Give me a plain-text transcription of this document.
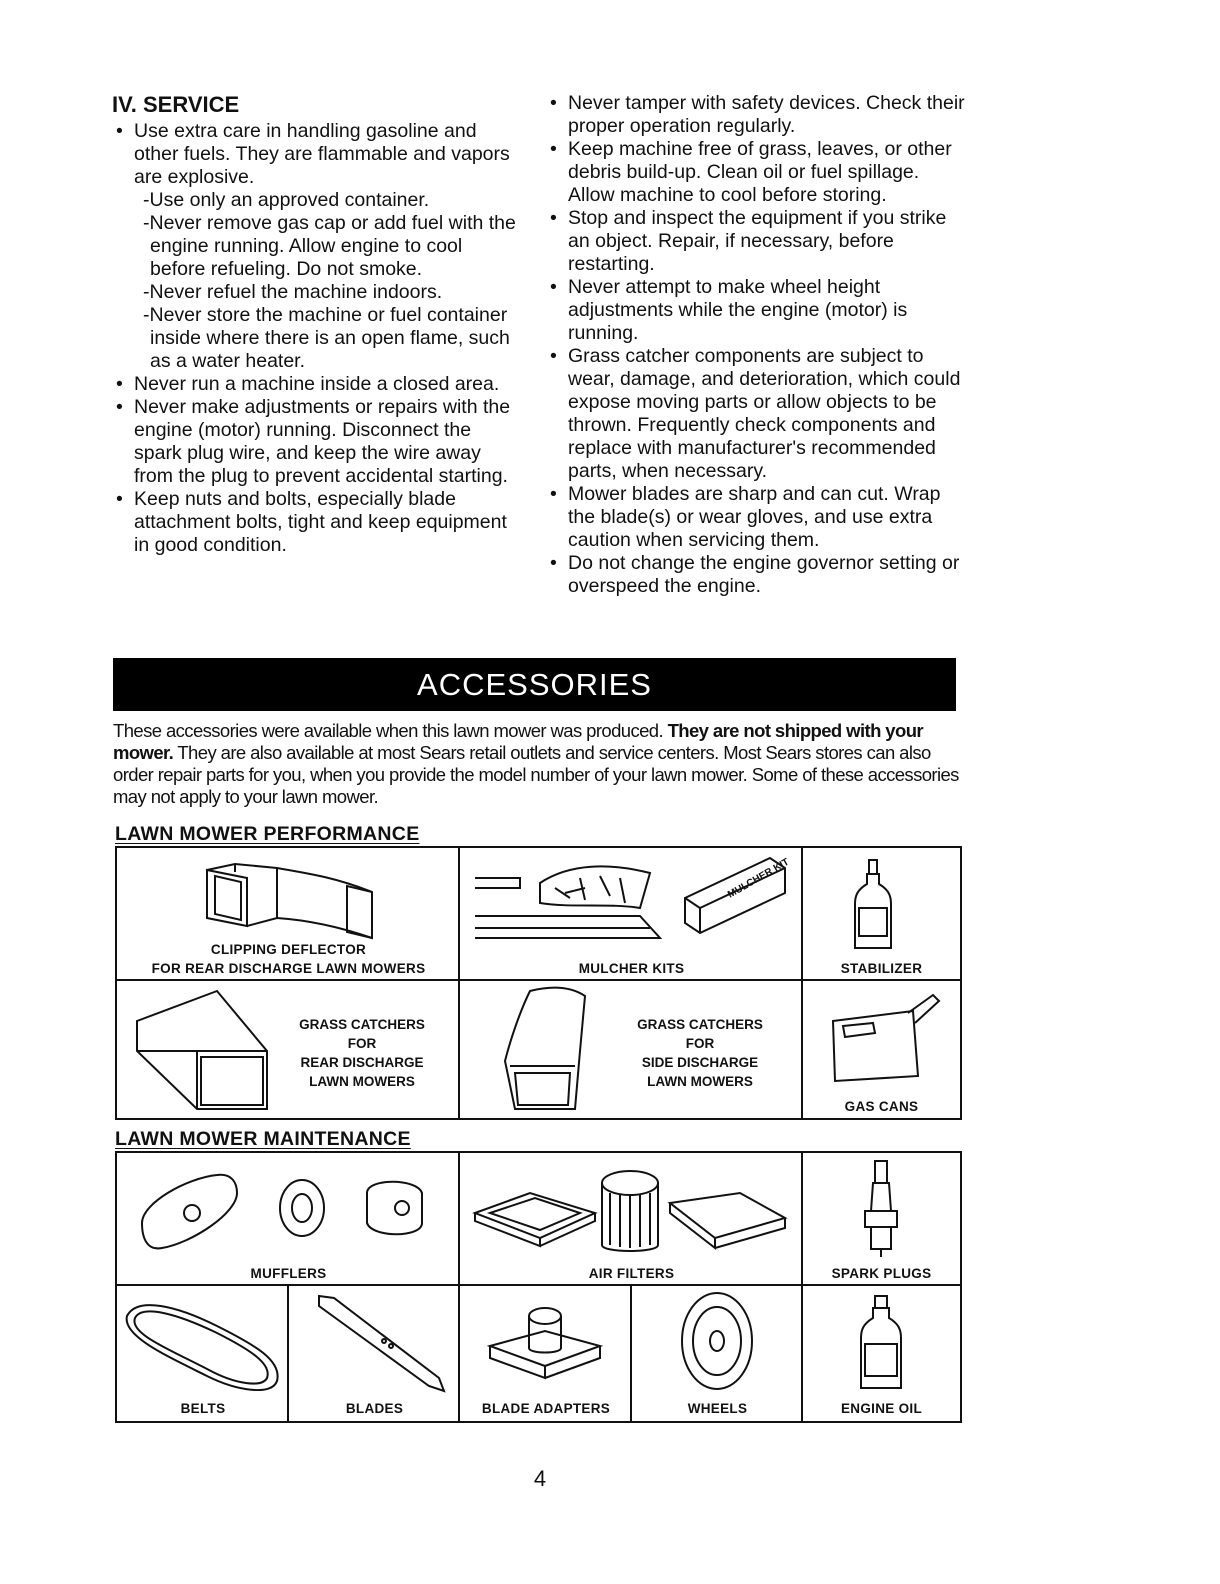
IV. SERVICE
• Use extra care in handling gasoline and other fuels. They are flammable and vapors are explosive.
-Use only an approved container.
-Never remove gas cap or add fuel with the engine running. Allow engine to cool before refueling. Do not smoke.
-Never refuel the machine indoors.
-Never store the machine or fuel container inside where there is an open flame, such as a water heater.
• Never run a machine inside a closed area.
• Never make adjustments or repairs with the engine (motor) running. Disconnect the spark plug wire, and keep the wire away from the plug to prevent accidental starting.
• Keep nuts and bolts, especially blade attachment bolts, tight and keep equipment in good condition.
• Never tamper with safety devices. Check their proper operation regularly.
• Keep machine free of grass, leaves, or other debris build-up. Clean oil or fuel spillage. Allow machine to cool before storing.
• Stop and inspect the equipment if you strike an object. Repair, if necessary, before restarting.
• Never attempt to make wheel height adjustments while the engine (motor) is running.
• Grass catcher components are subject to wear, damage, and deterioration, which could expose moving parts or allow objects to be thrown. Frequently check components and replace with manufacturer's recommended parts, when necessary.
• Mower blades are sharp and can cut. Wrap the blade(s) or wear gloves, and use extra caution when servicing them.
• Do not change the engine governor setting or overspeed the engine.
ACCESSORIES
These accessories were available when this lawn mower was produced. They are not shipped with your mower. They are also available at most Sears retail outlets and service centers. Most Sears stores can also order repair parts for you, when you provide the model number of your lawn mower. Some of these accessories may not apply to your lawn mower.
LAWN MOWER PERFORMANCE
CLIPPING DEFLECTOR
FOR REAR DISCHARGE LAWN MOWERS
MULCHER KIT
MULCHER KITS	STABILIZER
GRASS CATCHERS
FOR
REAR DISCHARGE
LAWN MOWERS
GRASS CATCHERS
FOR
SIDE DISCHARGE
LAWN MOWERS
GAS CANS
LAWN MOWER MAINTENANCE
MUFFLERS	AIR FILTERS	SPARK PLUGS
BELTS	BLADES	BLADE ADAPTERS	WHEELS	ENGINE OIL
4
